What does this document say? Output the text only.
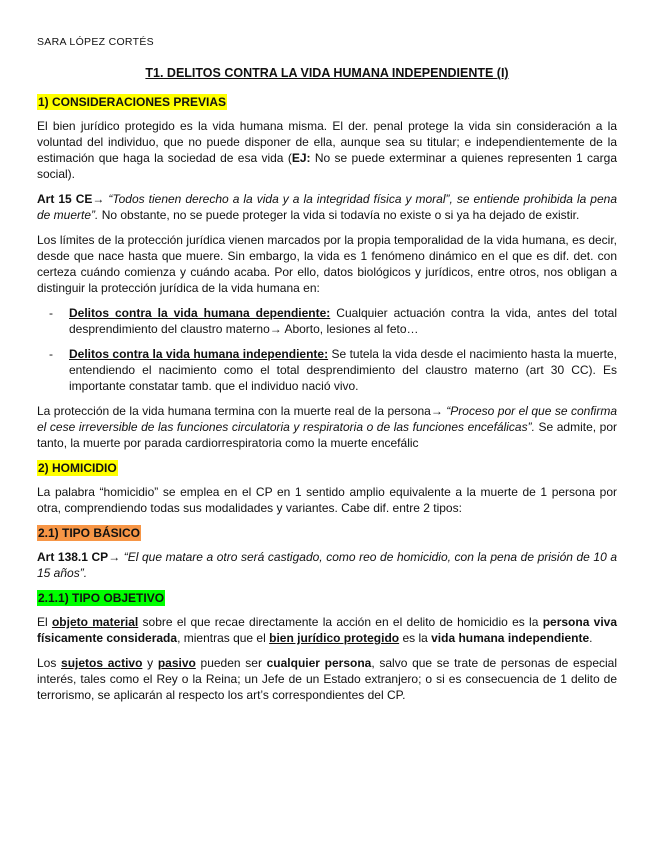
SARA LÓPEZ CORTÉS
T1. DELITOS CONTRA LA VIDA HUMANA INDEPENDIENTE (I)
1) CONSIDERACIONES PREVIAS

El bien jurídico protegido es la vida humana misma. El der. penal protege la vida sin consideración a la voluntad del individuo, que no puede disponer de ella, aunque sea su titular; e independientemente de la estimación que haga la sociedad de esa vida (EJ: No se puede exterminar a quienes representen 1 carga social).

Art 15 CE→ “Todos tienen derecho a la vida y a la integridad física y moral”, se entiende prohibida la pena de muerte”. No obstante, no se puede proteger la vida si todavía no existe o si ya ha dejado de existir.

Los límites de la protección jurídica vienen marcados por la propia temporalidad de la vida humana, es decir, desde que nace hasta que muere. Sin embargo, la vida es 1 fenómeno dinámico en el que es dif. det. con certeza cuándo comienza y cuándo acaba. Por ello, datos biológicos y jurídicos, entre otros, nos obligan a distinguir la protección jurídica de la vida humana en:

- Delitos contra la vida humana dependiente: Cualquier actuación contra la vida, antes del total desprendimiento del claustro materno→ Aborto, lesiones al feto…
- Delitos contra la vida humana independiente: Se tutela la vida desde el nacimiento hasta la muerte, entendiendo el nacimiento como el total desprendimiento del claustro materno (art 30 CC). Es importante constatar tamb. que el individuo nació vivo.

La protección de la vida humana termina con la muerte real de la persona→ “Proceso por el que se confirma el cese irreversible de las funciones circulatoria y respiratoria o de las funciones encefálicas”. Se admite, por tanto, la muerte por parada cardiorrespiratoria como la muerte encefálic

2) HOMICIDIO

La palabra “homicidio” se emplea en el CP en 1 sentido amplio equivalente a la muerte de 1 persona por otra, comprendiendo todas sus modalidades y variantes. Cabe dif. entre 2 tipos:

2.1) TIPO BÁSICO

Art 138.1 CP→ “El que matare a otro será castigado, como reo de homicidio, con la pena de prisión de 10 a 15 años”.

2.1.1) TIPO OBJETIVO

El objeto material sobre el que recae directamente la acción en el delito de homicidio es la persona viva físicamente considerada, mientras que el bien jurídico protegido es la vida humana independiente.

Los sujetos activo y pasivo pueden ser cualquier persona, salvo que se trate de personas de especial interés, tales como el Rey o la Reina; un Jefe de un Estado extranjero; o si es consecuencia de 1 delito de terrorismo, se aplicarán al respecto los art’s correspondientes del CP.
